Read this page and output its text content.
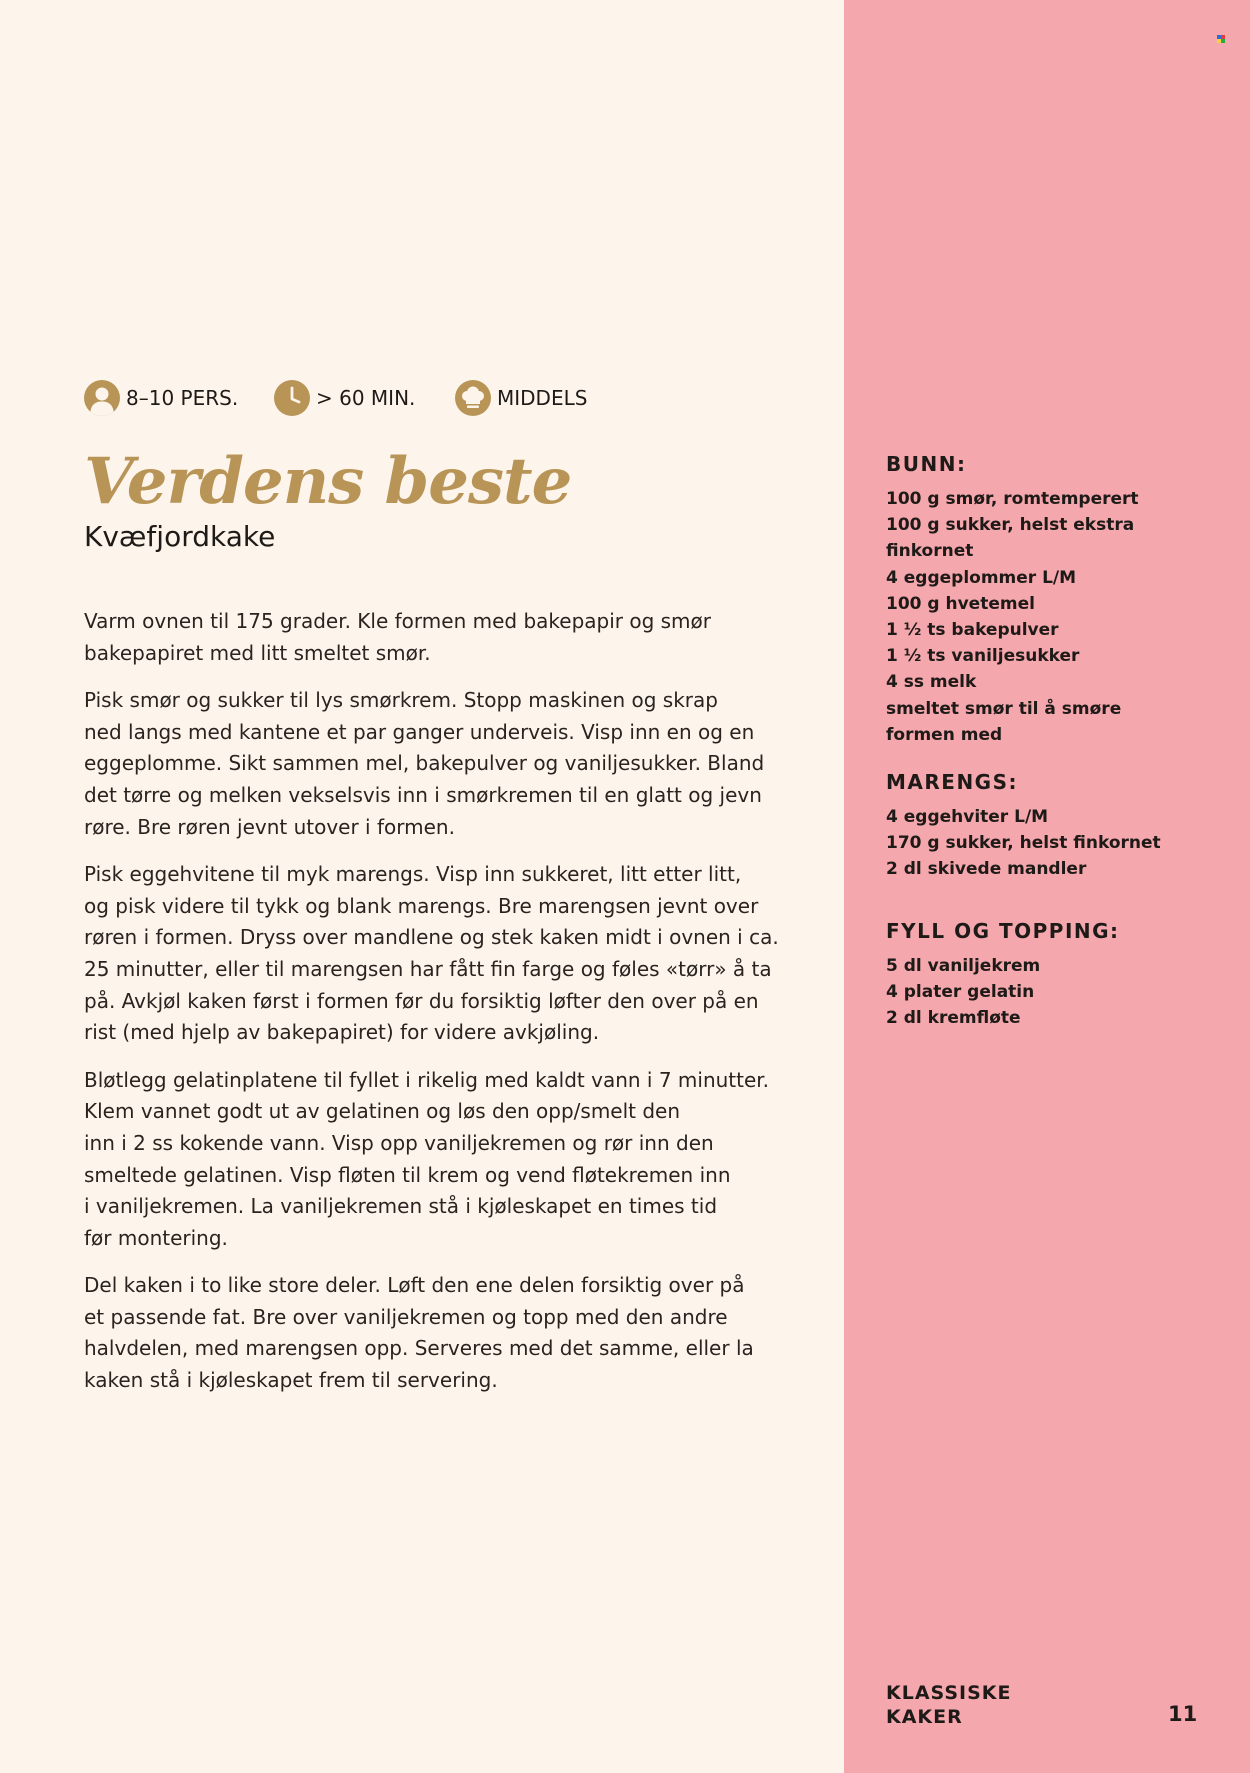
8–10 PERS.	> 60 MIN.	MIDDELS
Verdens beste
Kvæfjordkake

Varm ovnen til 175 grader. Kle formen med bakepapir og smør
bakepapiret med litt smeltet smør.

Pisk smør og sukker til lys smørkrem. Stopp maskinen og skrap
ned langs med kantene et par ganger underveis. Visp inn en og en
eggeplomme. Sikt sammen mel, bakepulver og vaniljesukker. Bland
det tørre og melken vekselsvis inn i smørkremen til en glatt og jevn
røre. Bre røren jevnt utover i formen.

Pisk eggehvitene til myk marengs. Visp inn sukkeret, litt etter litt,
og pisk videre til tykk og blank marengs. Bre marengsen jevnt over
røren i formen. Dryss over mandlene og stek kaken midt i ovnen i ca.
25 minutter, eller til marengsen har fått fin farge og føles «tørr» å ta
på. Avkjøl kaken først i formen før du forsiktig løfter den over på en
rist (med hjelp av bakepapiret) for videre avkjøling.

Bløtlegg gelatinplatene til fyllet i rikelig med kaldt vann i 7 minutter.
Klem vannet godt ut av gelatinen og løs den opp/smelt den
inn i 2 ss kokende vann. Visp opp vaniljekremen og rør inn den
smeltede gelatinen. Visp fløten til krem og vend fløtekremen inn
i vaniljekremen. La vaniljekremen stå i kjøleskapet en times tid
før montering.

Del kaken i to like store deler. Løft den ene delen forsiktig over på
et passende fat. Bre over vaniljekremen og topp med den andre
halvdelen, med marengsen opp. Serveres med det samme, eller la
kaken stå i kjøleskapet frem til servering.

BUNN:
100 g smør, romtemperert
100 g sukker, helst ekstra
finkornet
4 eggeplommer L/M
100 g hvetemel
1 ½ ts bakepulver
1 ½ ts vaniljesukker
4 ss melk
smeltet smør til å smøre
formen med
MARENGS:
4 eggehviter L/M
170 g sukker, helst finkornet
2 dl skivede mandler
FYLL OG TOPPING:
5 dl vaniljekrem
4 plater gelatin
2 dl kremfløte
KLASSISKE
KAKER	11
